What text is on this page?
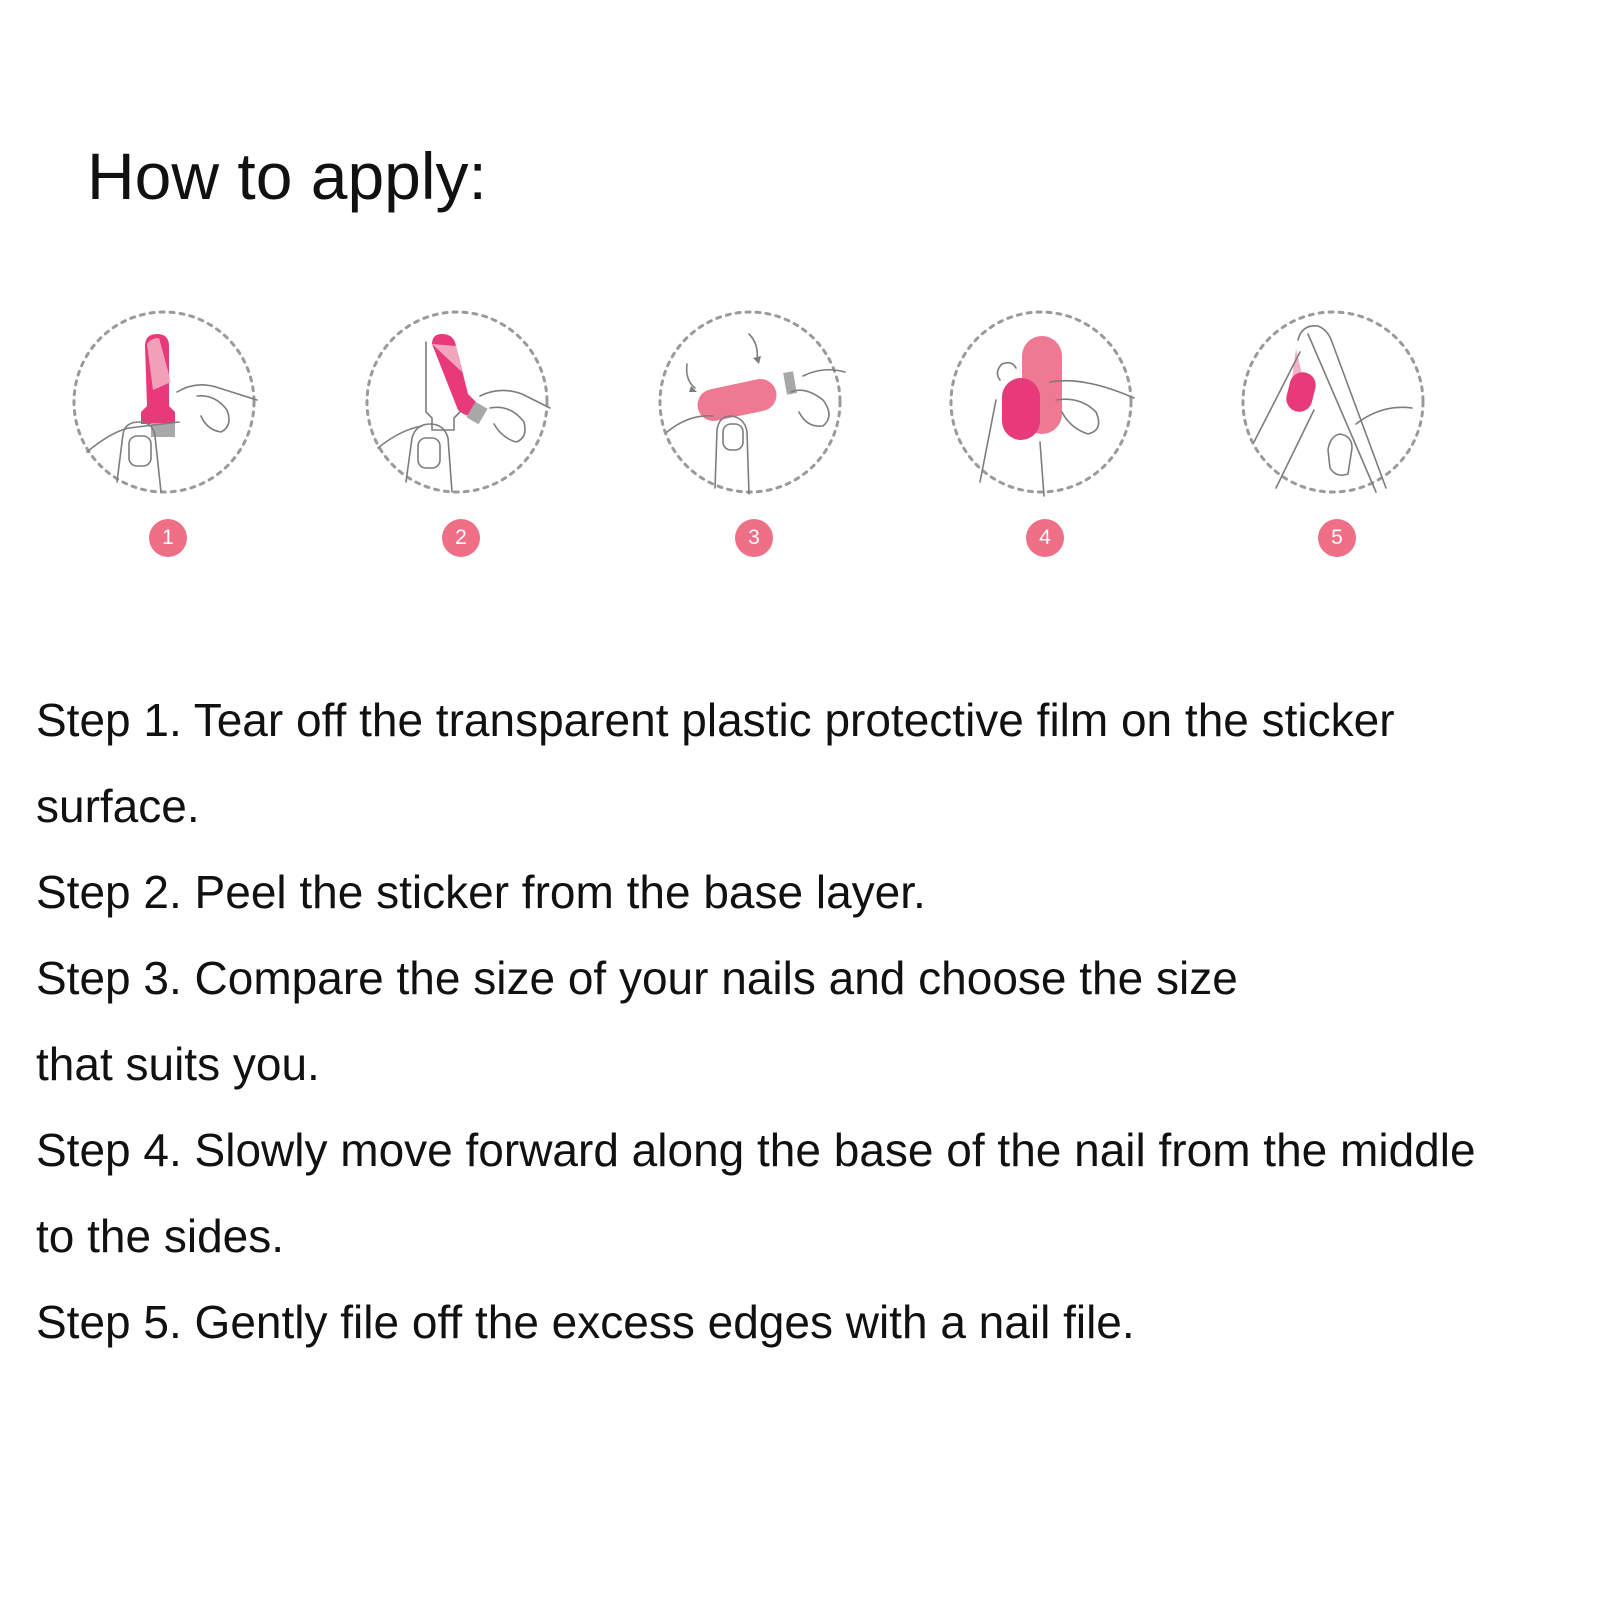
How to apply:
1	2	3	4	5
Step 1. Tear off the transparent plastic protective film on the sticker
surface.
Step 2. Peel the sticker from the base layer.
Step 3. Compare the size of your nails and choose the size
that suits you.
Step 4. Slowly move forward along the base of the nail from the middle
to the sides.
Step 5. Gently file off the excess edges with a nail file.
